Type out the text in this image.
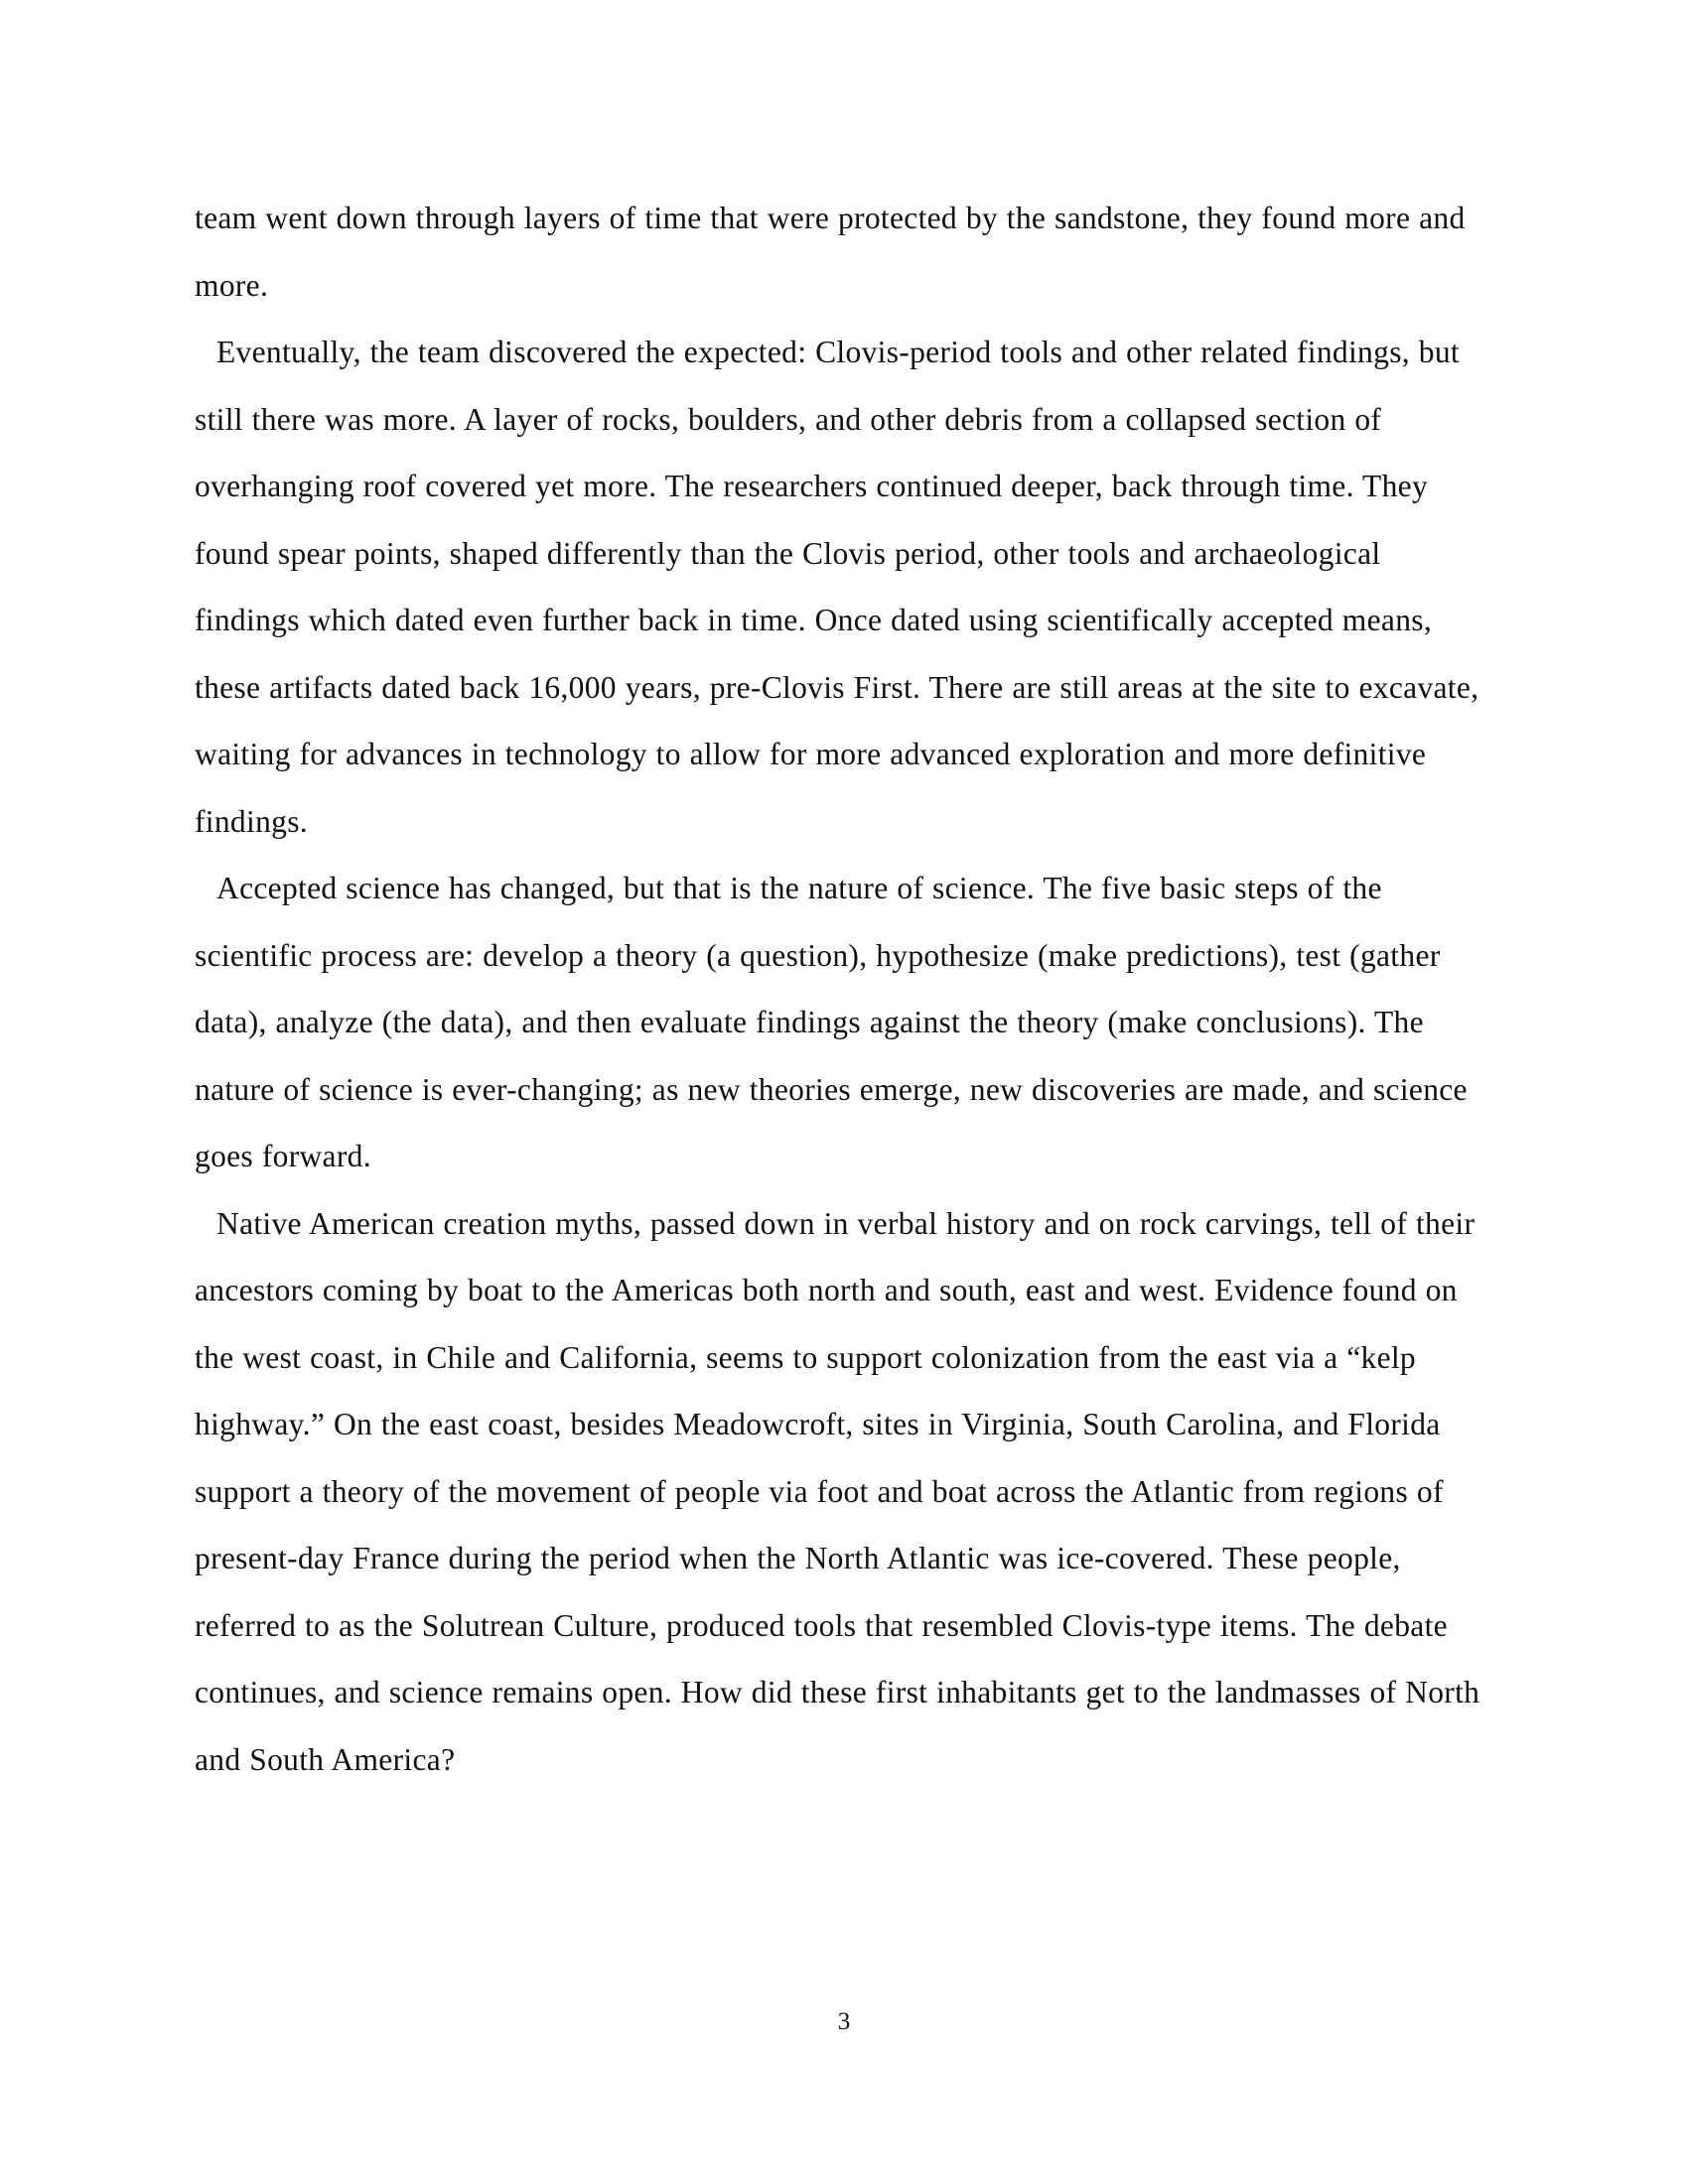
team went down through layers of time that were protected by the sandstone, they found more and more.

Eventually, the team discovered the expected: Clovis-period tools and other related findings, but still there was more. A layer of rocks, boulders, and other debris from a collapsed section of overhanging roof covered yet more. The researchers continued deeper, back through time. They found spear points, shaped differently than the Clovis period, other tools and archaeological findings which dated even further back in time. Once dated using scientifically accepted means, these artifacts dated back 16,000 years, pre-Clovis First. There are still areas at the site to excavate, waiting for advances in technology to allow for more advanced exploration and more definitive findings.

Accepted science has changed, but that is the nature of science. The five basic steps of the scientific process are: develop a theory (a question), hypothesize (make predictions), test (gather data), analyze (the data), and then evaluate findings against the theory (make conclusions). The nature of science is ever-changing; as new theories emerge, new discoveries are made, and science goes forward.

Native American creation myths, passed down in verbal history and on rock carvings, tell of their ancestors coming by boat to the Americas both north and south, east and west. Evidence found on the west coast, in Chile and California, seems to support colonization from the east via a “kelp highway.” On the east coast, besides Meadowcroft, sites in Virginia, South Carolina, and Florida support a theory of the movement of people via foot and boat across the Atlantic from regions of present-day France during the period when the North Atlantic was ice-covered. These people, referred to as the Solutrean Culture, produced tools that resembled Clovis-type items. The debate continues, and science remains open. How did these first inhabitants get to the landmasses of North and South America?

3
